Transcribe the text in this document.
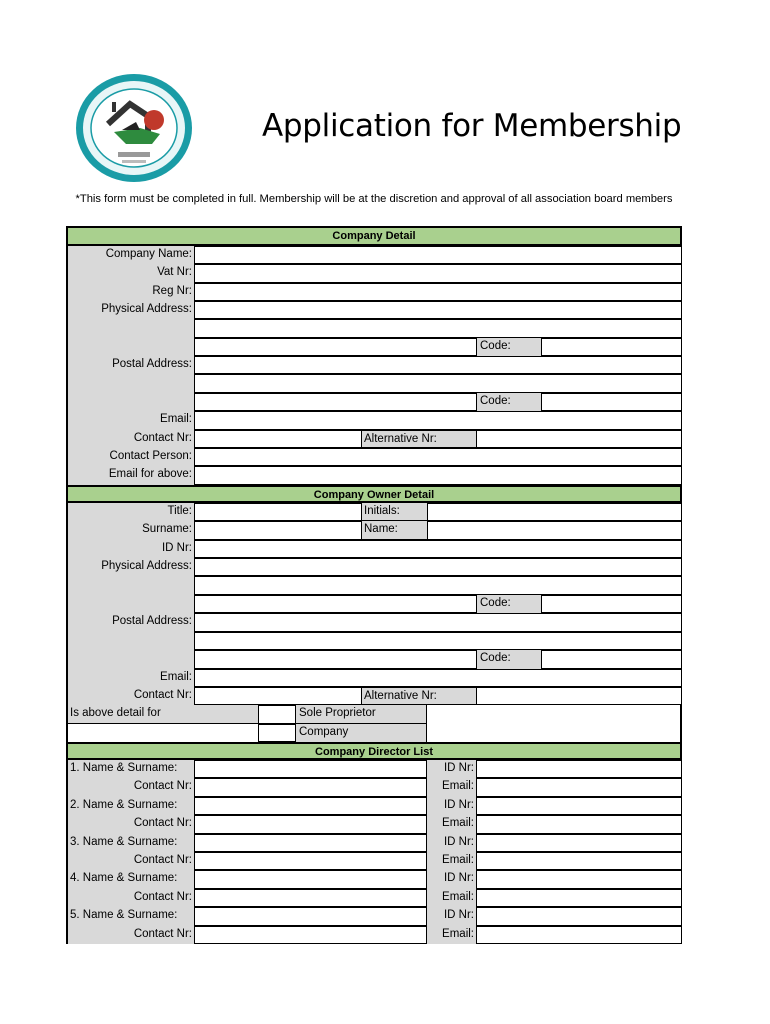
Application for Membership
*This form must be completed in full. Membership will be at the discretion and approval of all association board members
Company Detail
Company Name:
Vat Nr:
Reg Nr:
Physical Address:
Code:
Postal Address:
Code:
Email:
Contact Nr:	Alternative Nr:
Contact Person:
Email for above:
Company Owner Detail
Title:	Initials:
Surname:	Name:
ID Nr:
Physical Address:
Code:
Postal Address:
Code:
Email:
Contact Nr:	Alternative Nr:
Is above detail for	Sole Proprietor
Company
Company Director List
1. Name & Surname:	ID Nr:
Contact Nr:	Email:
2. Name & Surname:	ID Nr:
Contact Nr:	Email:
3. Name & Surname:	ID Nr:
Contact Nr:	Email:
4. Name & Surname:	ID Nr:
Contact Nr:	Email:
5. Name & Surname:	ID Nr:
Contact Nr:	Email:
